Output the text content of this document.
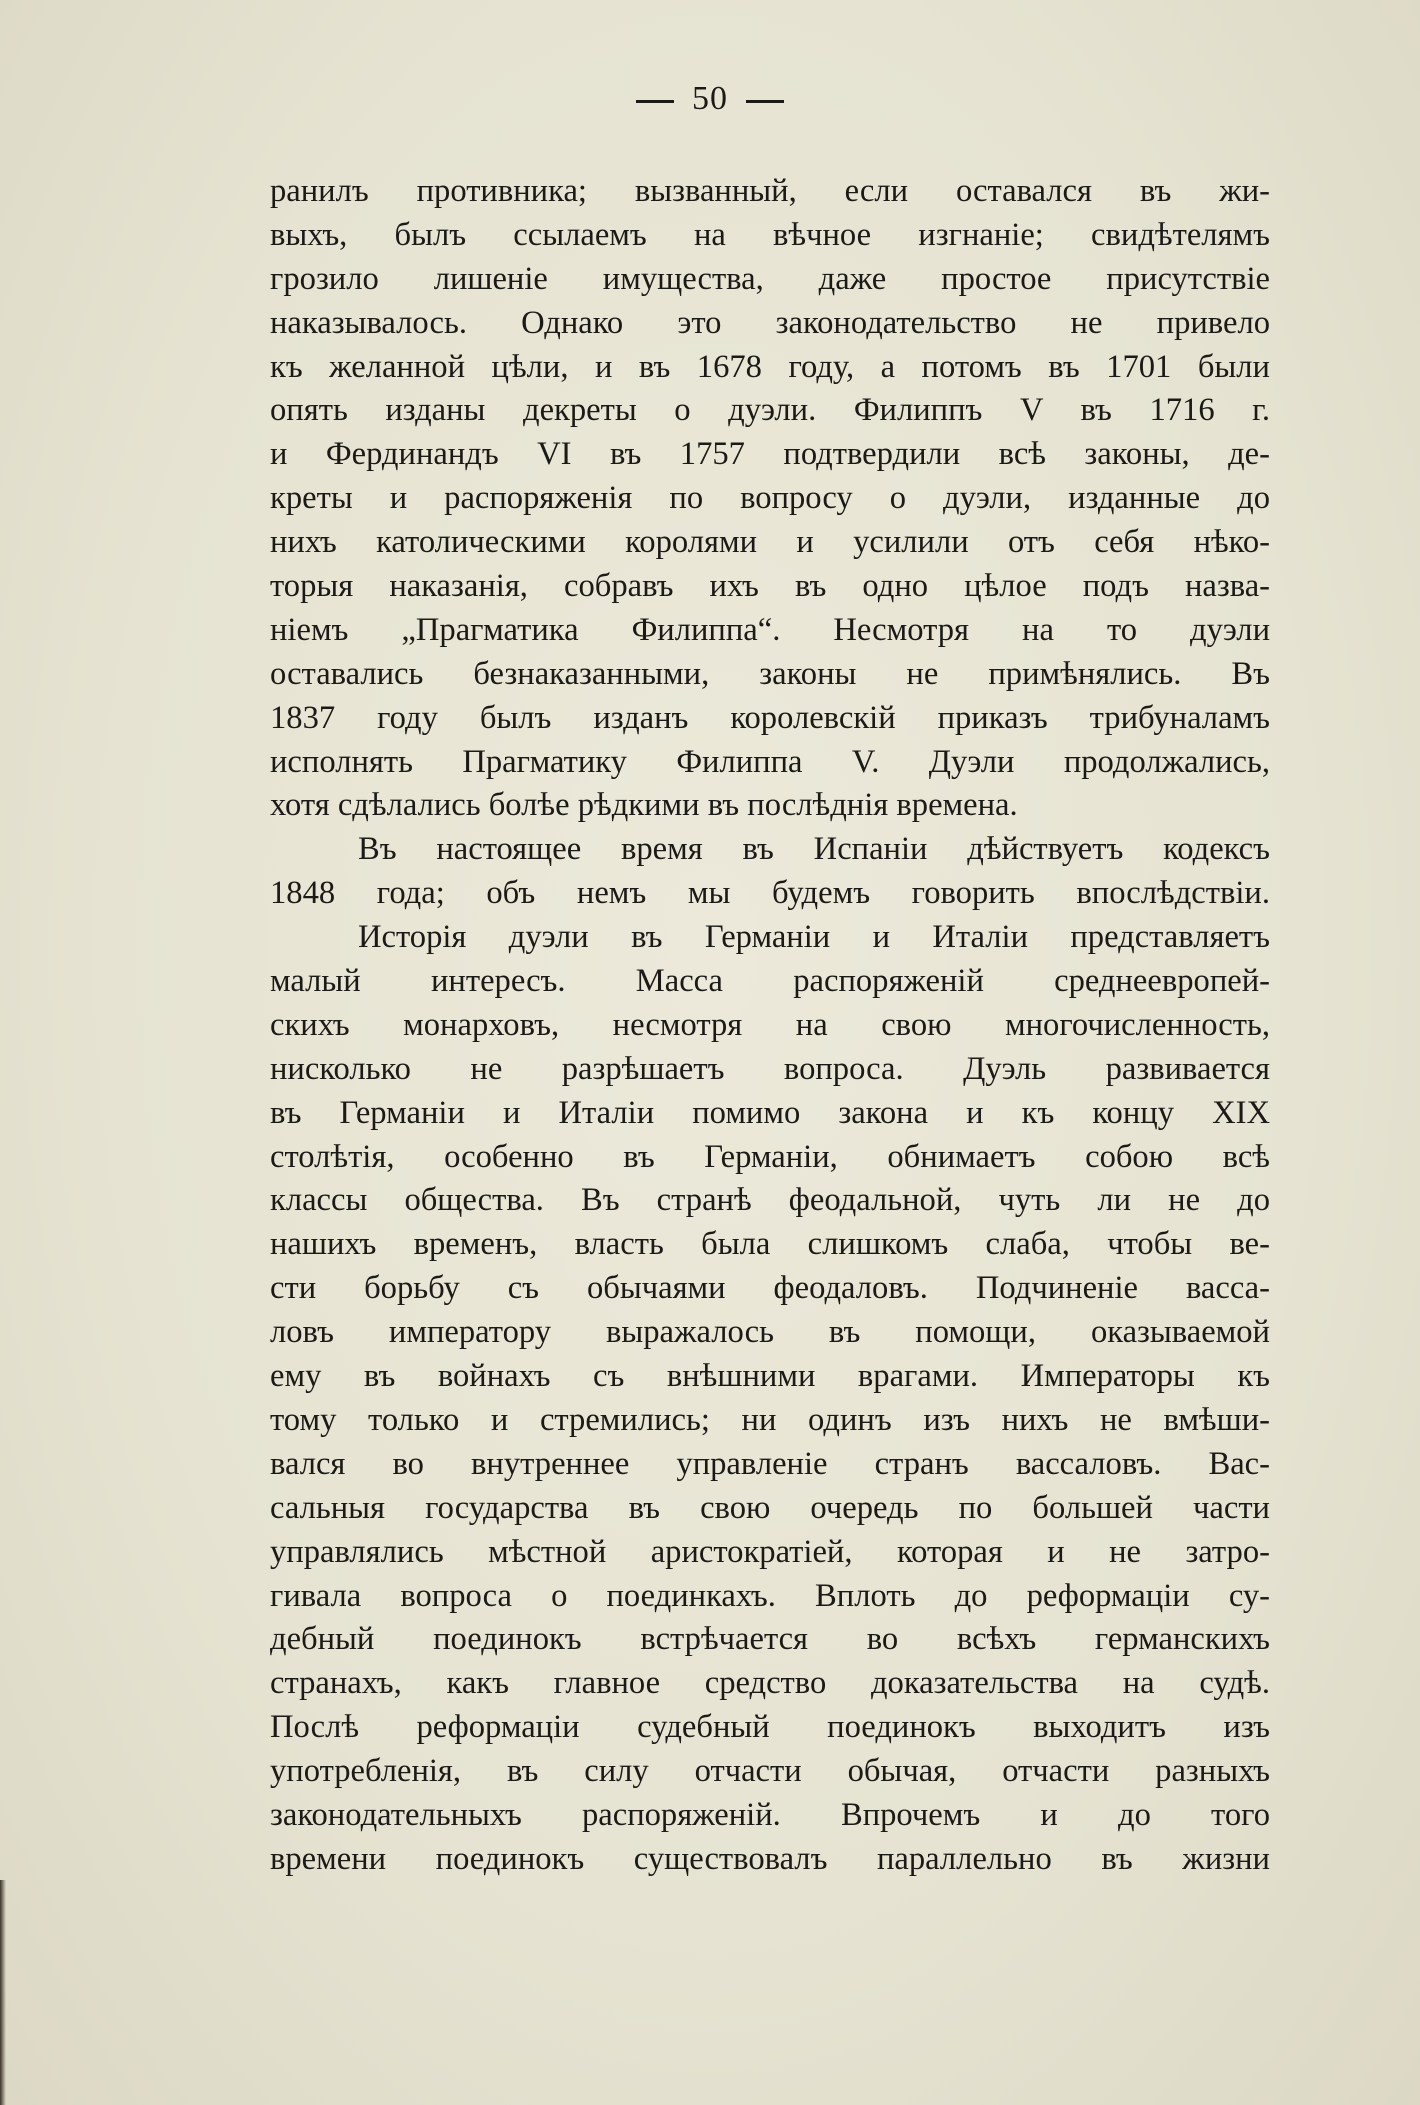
50
ранилъ противника; вызванный, если оставался въ жи-
выхъ, былъ ссылаемъ на вѣчное изгнаніе; свидѣтелямъ
грозило лишеніе имущества, даже простое присутствіе
наказывалось. Однако это законодательство не привело
къ желанной цѣли, и въ 1678 году, а потомъ въ 1701 были
опять изданы декреты о дуэли. Филиппъ V въ 1716 г.
и Фердинандъ VI въ 1757 подтвердили всѣ законы, де-
креты и распоряженія по вопросу о дуэли, изданные до
нихъ католическими королями и усилили отъ себя нѣко-
торыя наказанія, собравъ ихъ въ одно цѣлое подъ назва-
ніемъ „Прагматика Филиппа“. Несмотря на то дуэли
оставались безнаказанными, законы не примѣнялись. Въ
1837 году былъ изданъ королевскій приказъ трибуналамъ
исполнять Прагматику Филиппа V. Дуэли продолжались,
хотя сдѣлались болѣе рѣдкими въ послѣднія времена.
Въ настоящее время въ Испаніи дѣйствуетъ кодексъ
1848 года; объ немъ мы будемъ говорить впослѣдствіи.
Исторія дуэли въ Германіи и Италіи представляетъ
малый интересъ. Масса распоряженій среднеевропей-
скихъ монарховъ, несмотря на свою многочисленность,
нисколько не разрѣшаетъ вопроса. Дуэль развивается
въ Германіи и Италіи помимо закона и къ концу XIX
столѣтія, особенно въ Германіи, обнимаетъ собою всѣ
классы общества. Въ странѣ феодальной, чуть ли не до
нашихъ временъ, власть была слишкомъ слаба, чтобы ве-
сти борьбу съ обычаями феодаловъ. Подчиненіе васса-
ловъ императору выражалось въ помощи, оказываемой
ему въ войнахъ съ внѣшними врагами. Императоры къ
тому только и стремились; ни одинъ изъ нихъ не вмѣши-
вался во внутреннее управленіе странъ вассаловъ. Вас-
сальныя государства въ свою очередь по большей части
управлялись мѣстной аристократіей, которая и не затро-
гивала вопроса о поединкахъ. Вплоть до реформаціи су-
дебный поединокъ встрѣчается во всѣхъ германскихъ
странахъ, какъ главное средство доказательства на судѣ.
Послѣ реформаціи судебный поединокъ выходитъ изъ
употребленія, въ силу отчасти обычая, отчасти разныхъ
законодательныхъ распоряженій. Впрочемъ и до того
времени поединокъ существовалъ параллельно въ жизни
